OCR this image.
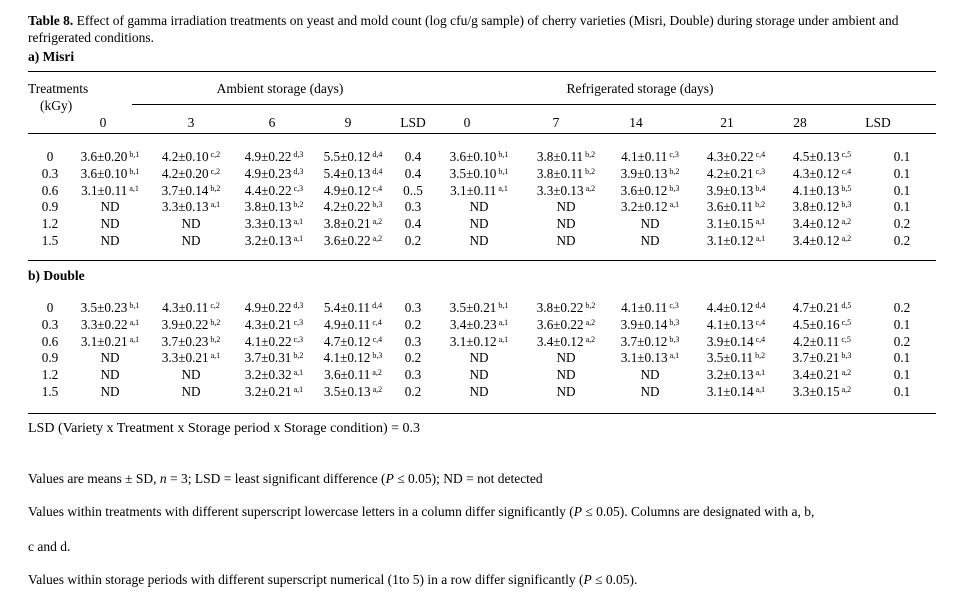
Table 8. Effect of gamma irradiation treatments on yeast and mold count (log cfu/g sample) of cherry varieties (Misri, Double) during storage under ambient and refrigerated conditions.
a) Misri
Treatments
(kGy)
Ambient storage (days)	Refrigerated storage (days)
0	3	6	9	LSD	0	7	14	21	28	LSD
0	3.6±0.20 $^{b,1}$	4.2±0.10 $^{c,2}$	4.9±0.22 $^{d,3}$	5.5±0.12 $^{d,4}$	0.4	3.6±0.10 $^{b,1}$	3.8±0.11 $^{b,2}$	4.1±0.11 $^{c,3}$	4.3±0.22 $^{c,4}$	4.5±0.13 $^{c,5}$	0.1
0.3	3.6±0.10 $^{b,1}$	4.2±0.20 $^{c,2}$	4.9±0.23 $^{d,3}$	5.4±0.13 $^{d,4}$	0.4	3.5±0.10 $^{b,1}$	3.8±0.11 $^{b,2}$	3.9±0.13 $^{b,2}$	4.2±0.21 $^{c,3}$	4.3±0.12 $^{c,4}$	0.1
0.6	3.1±0.11 $^{a,1}$	3.7±0.14 $^{b,2}$	4.4±0.22 $^{c,3}$	4.9±0.12 $^{c,4}$	0..5	3.1±0.11 $^{a,1}$	3.3±0.13 $^{a,2}$	3.6±0.12 $^{b,3}$	3.9±0.13 $^{b,4}$	4.1±0.13 $^{b,5}$	0.1
0.9	ND	3.3±0.13 $^{a,1}$	3.8±0.13 $^{b,2}$	4.2±0.22 $^{b,3}$	0.3	ND	ND	3.2±0.12 $^{a,1}$	3.6±0.11 $^{b,2}$	3.8±0.12 $^{b,3}$	0.1
1.2	ND	ND	3.3±0.13 $^{a,1}$	3.8±0.21 $^{a,2}$	0.4	ND	ND	ND	3.1±0.15 $^{a,1}$	3.4±0.12 $^{a,2}$	0.2
1.5	ND	ND	3.2±0.13 $^{a,1}$	3.6±0.22 $^{a,2}$	0.2	ND	ND	ND	3.1±0.12 $^{a,1}$	3.4±0.12 $^{a,2}$	0.2
b) Double
0	3.5±0.23 $^{b,1}$	4.3±0.11 $^{c,2}$	4.9±0.22 $^{d,3}$	5.4±0.11 $^{d,4}$	0.3	3.5±0.21 $^{b,1}$	3.8±0.22 $^{b,2}$	4.1±0.11 $^{c,3}$	4.4±0.12 $^{d,4}$	4.7±0.21 $^{d,5}$	0.2
0.3	3.3±0.22 $^{a,1}$	3.9±0.22 $^{b,2}$	4.3±0.21 $^{c,3}$	4.9±0.11 $^{c,4}$	0.2	3.4±0.23 $^{a,1}$	3.6±0.22 $^{a,2}$	3.9±0.14 $^{b,3}$	4.1±0.13 $^{c,4}$	4.5±0.16 $^{c,5}$	0.1
0.6	3.1±0.21 $^{a,1}$	3.7±0.23 $^{b,2}$	4.1±0.22 $^{c,3}$	4.7±0.12 $^{c,4}$	0.3	3.1±0.12 $^{a,1}$	3.4±0.12 $^{a,2}$	3.7±0.12 $^{b,3}$	3.9±0.14 $^{c,4}$	4.2±0.11 $^{c,5}$	0.2
0.9	ND	3.3±0.21 $^{a,1}$	3.7±0.31 $^{b,2}$	4.1±0.12 $^{b,3}$	0.2	ND	ND	3.1±0.13 $^{a,1}$	3.5±0.11 $^{b,2}$	3.7±0.21 $^{b,3}$	0.1
1.2	ND	ND	3.2±0.32 $^{a,1}$	3.6±0.11 $^{a,2}$	0.3	ND	ND	ND	3.2±0.13 $^{a,1}$	3.4±0.21 $^{a,2}$	0.1
1.5	ND	ND	3.2±0.21 $^{a,1}$	3.5±0.13 $^{a,2}$	0.2	ND	ND	ND	3.1±0.14 $^{a,1}$	3.3±0.15 $^{a,2}$	0.1
LSD (Variety x Treatment x Storage period x Storage condition) = 0.3
Values are means ± SD, n = 3; LSD = least significant difference (P ≤ 0.05); ND = not detected
Values within treatments with different superscript lowercase letters in a column differ significantly (P ≤ 0.05). Columns are designated with a, b,
c and d.
Values within storage periods with different superscript numerical (1to 5) in a row differ significantly (P ≤ 0.05).
